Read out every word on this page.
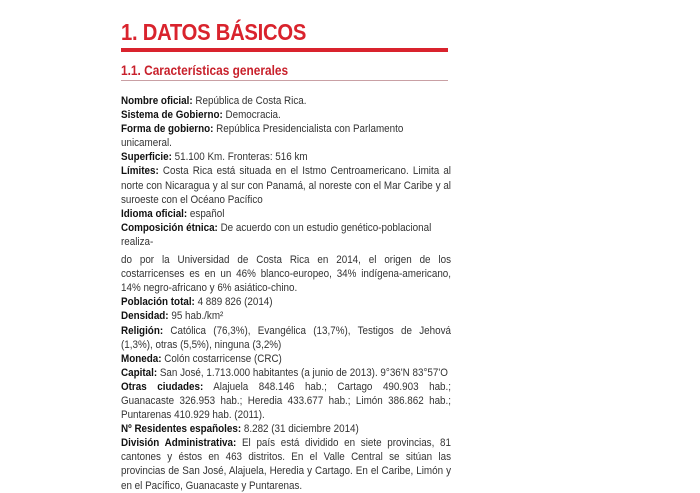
1. DATOS BÁSICOS
1.1. Características generales

Nombre oficial: República de Costa Rica.

Sistema de Gobierno: Democracia.

Forma de gobierno: República Presidencialista con Parlamento unicameral.

Superficie: 51.100 Km. Fronteras: 516 km

Límites: Costa Rica está situada en el Istmo Centroamericano. Limita al norte con Nicaragua y al sur con Panamá, al noreste con el Mar Caribe y al suroeste con el Océano Pacífico

Idioma oficial: español

Composición étnica: De acuerdo con un estudio genético-poblacional realiza-

do por la Universidad de Costa Rica en 2014, el origen de los costarricenses es en un 46% blanco-europeo, 34% indígena-americano, 14% negro-africano y 6% asiático-chino.

Población total: 4 889 826 (2014)

Densidad: 95 hab./km²

Religión: Católica (76,3%), Evangélica (13,7%), Testigos de Jehová (1,3%), otras (5,5%), ninguna (3,2%)

Moneda: Colón costarricense (CRC)

Capital: San José, 1.713.000 habitantes (a junio de 2013). 9°36'N 83°57'O

Otras ciudades: Alajuela 848.146 hab.; Cartago 490.903 hab.; Guanacaste 326.953 hab.; Heredia 433.677 hab.; Limón 386.862 hab.; Puntarenas 410.929 hab. (2011).

Nº Residentes españoles: 8.282 (31 diciembre 2014)

División Administrativa: El país está dividido en siete provincias, 81 cantones y éstos en 463 distritos. En el Valle Central se sitúan las provincias de San José, Alajuela, Heredia y Cartago. En el Caribe, Limón y en el Pacífico, Guanacaste y Puntarenas.
